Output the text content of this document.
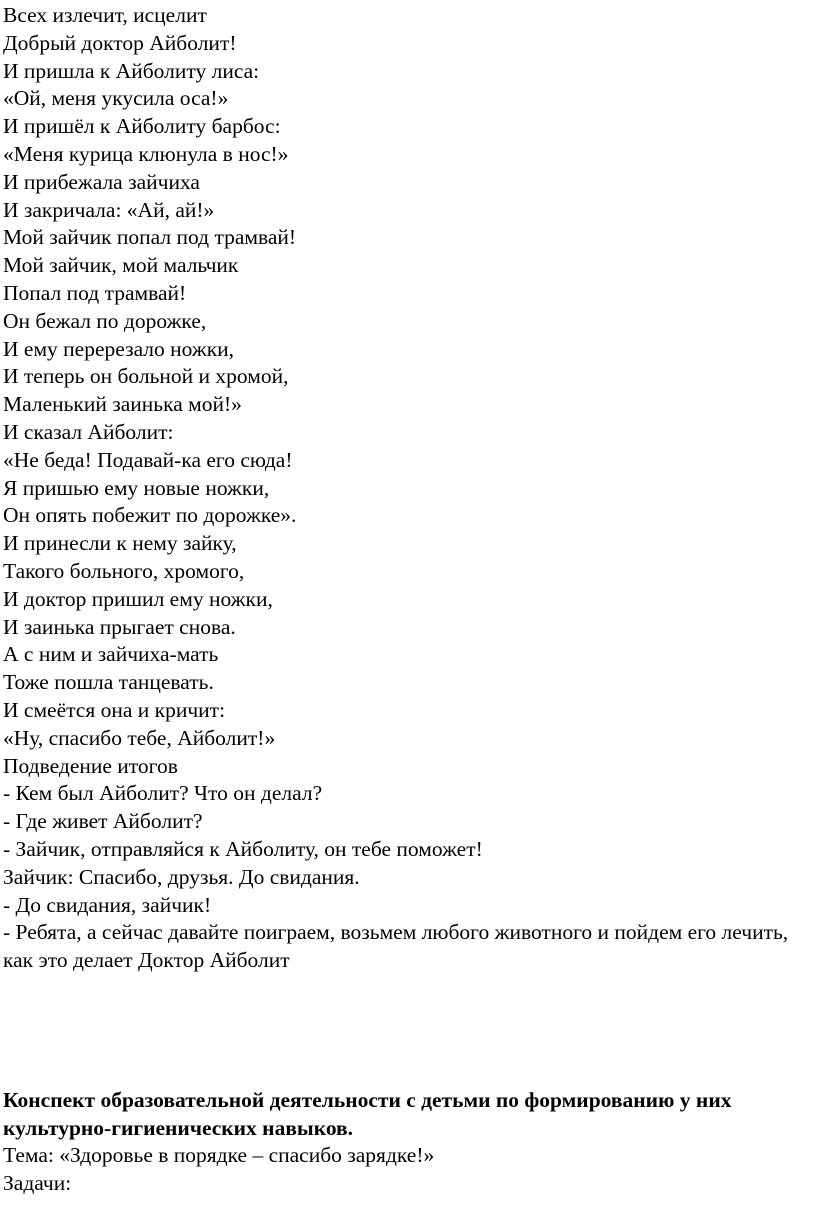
Всех излечит, исцелит
Добрый доктор Айболит!
И пришла к Айболиту лиса:
«Ой, меня укусила оса!»
И пришёл к Айболиту барбос:
«Меня курица клюнула в нос!»
И прибежала зайчиха
И закричала: «Ай, ай!»
Мой зайчик попал под трамвай!
Мой зайчик, мой мальчик
Попал под трамвай!
Он бежал по дорожке,
И ему перерезало ножки,
И теперь он больной и хромой,
Маленький заинька мой!»
И сказал Айболит:
«Не беда! Подавай-ка его сюда!
Я пришью ему новые ножки,
Он опять побежит по дорожке».
И принесли к нему зайку,
Такого больного, хромого,
И доктор пришил ему ножки,
И заинька прыгает снова.
А с ним и зайчиха-мать
Тоже пошла танцевать.
И смеётся она и кричит:
«Ну, спасибо тебе, Айболит!»
Подведение итогов
- Кем был Айболит? Что он делал?
- Где живет Айболит?
- Зайчик, отправляйся к Айболиту, он тебе поможет!
Зайчик: Спасибо, друзья. До свидания.
- До свидания, зайчик!
- Ребята, а сейчас давайте поиграем, возьмем любого животного и пойдем его лечить, как это делает Доктор Айболит
Конспект образовательной деятельности с детьми по формированию у них культурно-гигиенических навыков.
Тема: «Здоровье в порядке – спасибо зарядке!»
Задачи:
